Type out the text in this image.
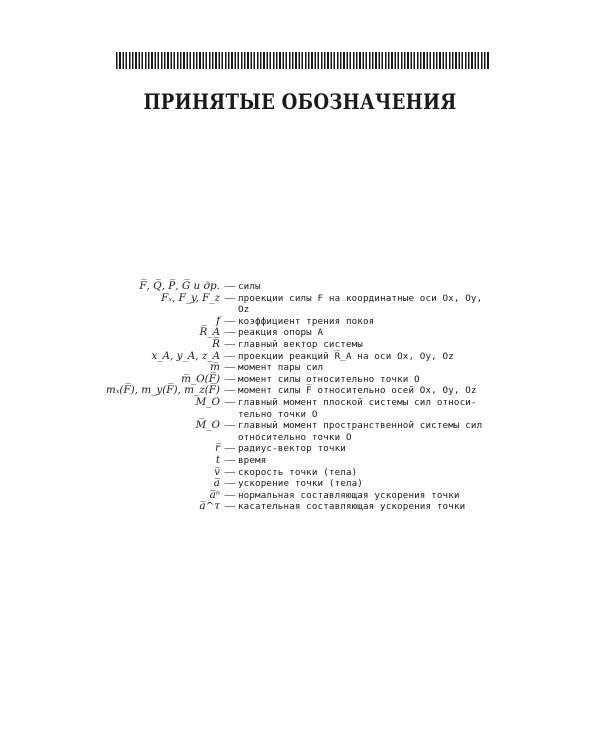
ПРИНЯТЫЕ ОБОЗНАЧЕНИЯ
F̅, Q̅, P̅, G̅ и др. — силы
Fₓ, F_y, F_z — проекции силы F на координатные оси Ox, Oy,
Oz
f — коэффициент трения покоя
R̅_A — реакция опоры A
R̅ — главный вектор системы
x_A, y_A, z_A — проекции реакций R̅_A на оси Ox, Oy, Oz
m̅ — момент пары сил
m̅_O(F̅) — момент силы относительно точки O
mₓ(F̅), m_y(F̅), m_z(F̅) — момент силы F̅ относительно осей Ox, Oy, Oz
M_O — главный момент плоской системы сил относи-
тельно точки O
M̅_O — главный момент пространственной системы сил
относительно точки O
r̅ — радиус-вектор точки
t — время
v̅ — скорость точки (тела)
a̅ — ускорение точки (тела)
a̅ⁿ — нормальная составляющая ускорения точки
a̅^τ — касательная составляющая ускорения точки
